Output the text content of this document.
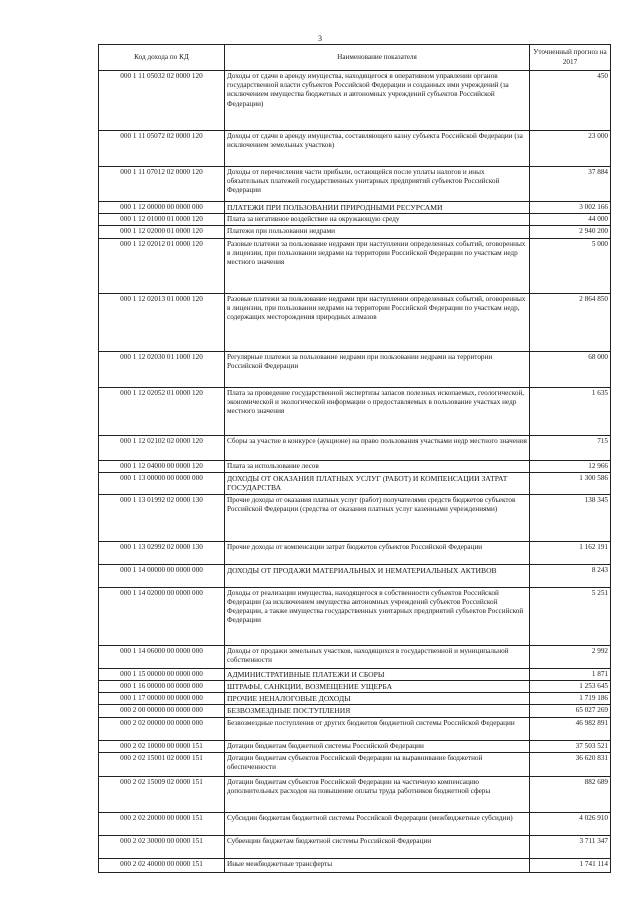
3
Код дохода по КД	Наименование показателя	Уточненный прогноз на 2017
000 1 11 05032 02 0000 120	Доходы от сдачи в аренду имущества, находящегося в оперативном управлении органов государственной власти субъектов Российской Федерации и созданных ими учреждений (за исключением имущества бюджетных и автономных учреждений субъектов Российской Федерации)	450
000 1 11 05072 02 0000 120	Доходы от сдачи в аренду имущества, составляющего казну субъекта Российской Федерации (за исключением земельных участков)	23 000
000 1 11 07012 02 0000 120	Доходы от перечисления части прибыли, остающейся после уплаты налогов и иных обязательных платежей государственных унитарных предприятий субъектов Российской Федерации	37 884
000 1 12 00000 00 0000 000	ПЛАТЕЖИ ПРИ ПОЛЬЗОВАНИИ ПРИРОДНЫМИ РЕСУРСАМИ	3 002 166
000 1 12 01000 01 0000 120	Плата за негативное воздействие на окружающую среду	44 000
000 1 12 02000 01 0000 120	Платежи при пользовании недрами	2 940 200
000 1 12 02012 01 0000 120	Разовые платежи за пользование недрами при наступлении определенных событий, оговоренных в лицензии, при пользовании недрами на территории Российской Федерации по участкам недр местного значения	5 000
000 1 12 02013 01 0000 120	Разовые платежи за пользование недрами при наступлении определенных событий, оговоренных в лицензии, при пользовании недрами на территории Российской Федерации по участкам недр, содержащих месторождения природных алмазов	2 864 850
000 1 12 02030 01 1000 120	Регулярные платежи за пользование недрами при пользовании недрами на территории Российской Федерации	68 000
000 1 12 02052 01 0000 120	Плата за проведение государственной экспертизы запасов полезных ископаемых, геологической, экономической и экологической информации о предоставляемых в пользование участках недр местного значения	1 635
000 1 12 02102 02 0000 120	Сборы за участие в конкурсе (аукционе) на право пользования участками недр местного значения	715
000 1 12 04000 00 0000 120	Плата за использование лесов	12 966
000 1 13 00000 00 0000 000	ДОХОДЫ ОТ ОКАЗАНИЯ ПЛАТНЫХ УСЛУГ (РАБОТ) И КОМПЕНСАЦИИ ЗАТРАТ ГОСУДАРСТВА	1 300 586
000 1 13 01992 02 0000 130	Прочие доходы от оказания платных услуг (работ) получателями средств бюджетов субъектов Российской Федерации (средства от оказания платных услуг казенными учреждениями)	138 345
000 1 13 02992 02 0000 130	Прочие доходы от компенсации затрат бюджетов субъектов Российской Федерации	1 162 191
000 1 14 00000 00 0000 000	ДОХОДЫ ОТ ПРОДАЖИ МАТЕРИАЛЬНЫХ И НЕМАТЕРИАЛЬНЫХ АКТИВОВ	8 243
000 1 14 02000 00 0000 000	Доходы от реализации имущества, находящегося в собственности субъектов Российской Федерации (за исключением имущества автономных учреждений субъектов Российской Федерации, а также имущества государственных унитарных предприятий субъектов Российской Федерации	5 251
000 1 14 06000 00 0000 000	Доходы от продажи земельных участков, находящихся в государственной и муниципальной собственности	2 992
000 1 15 00000 00 0000 000	АДМИНИСТРАТИВНЫЕ ПЛАТЕЖИ И СБОРЫ	1 871
000 1 16 00000 00 0000 000	ШТРАФЫ, САНКЦИИ, ВОЗМЕЩЕНИЕ УЩЕРБА	1 253 645
000 1 17 00000 00 0000 000	ПРОЧИЕ НЕНАЛОГОВЫЕ ДОХОДЫ	1 719 186
000 2 00 00000 00 0000 000	БЕЗВОЗМЕЗДНЫЕ ПОСТУПЛЕНИЯ	65 027 269
000 2 02 00000 00 0000 000	Безвозмездные поступления от других бюджетов бюджетной системы Российской Федерации	46 982 891
000 2 02 10000 00 0000 151	Дотации бюджетам бюджетной системы Российской Федерации	37 503 521
000 2 02 15001 02 0000 151	Дотации бюджетам субъектов Российской Федерации на выравнивание бюджетной обеспеченности	36 620 831
000 2 02 15009 02 0000 151	Дотации бюджетам субъектов Российской Федерации на частичную компенсацию дополнительных расходов на повышение оплаты труда работников бюджетной сферы	882 689
000 2 02 20000 00 0000 151	Субсидии бюджетам бюджетной системы Российской Федерации (межбюджетные субсидии)	4 026 910
000 2 02 30000 00 0000 151	Субвенции бюджетам бюджетной системы Российской Федерации	3 711 347
000 2 02 40000 00 0000 151	Иные межбюджетные трансферты	1 741 114
